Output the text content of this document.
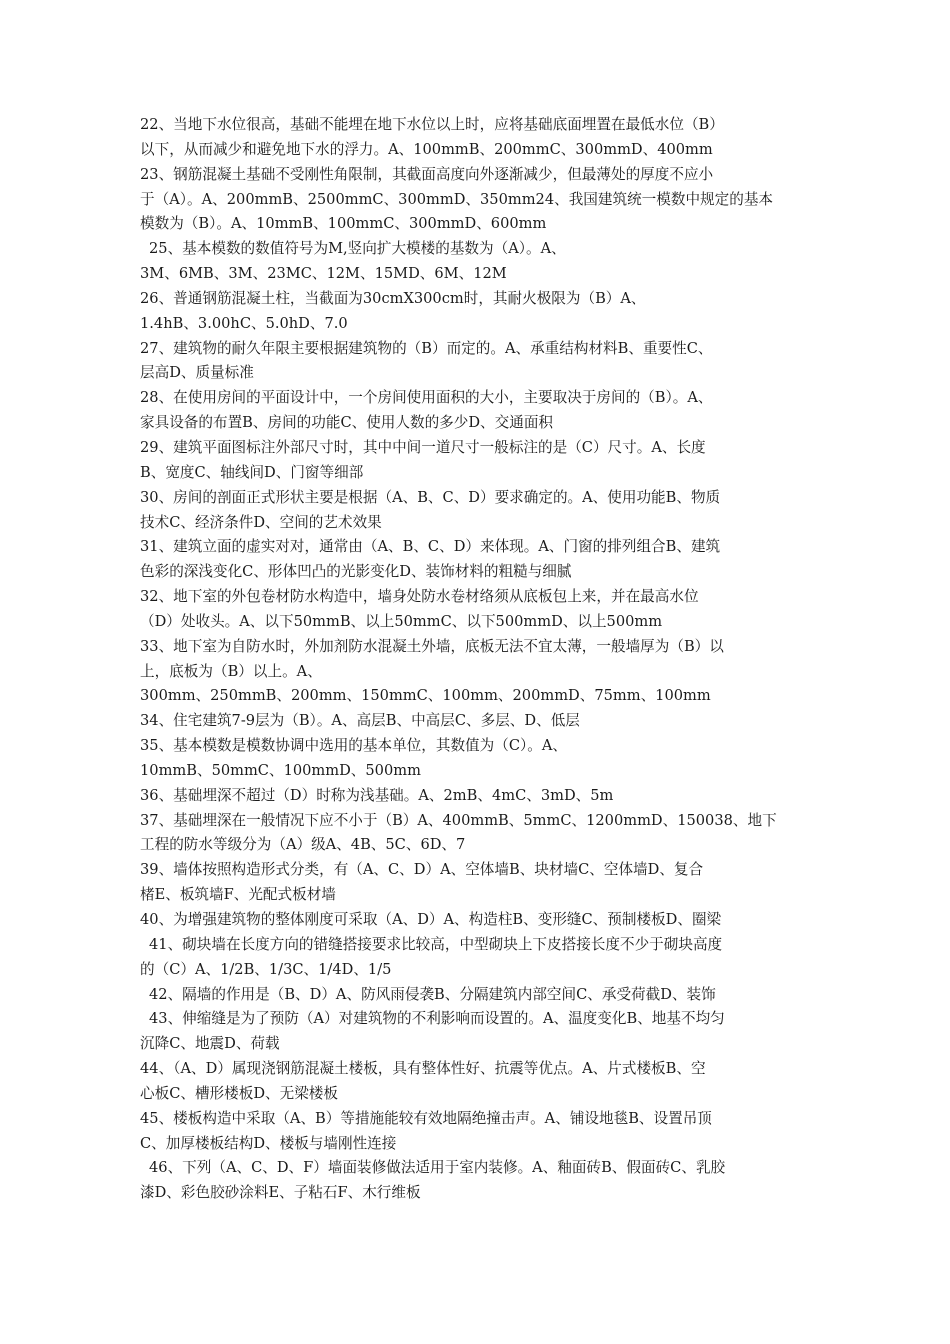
22、当地下水位很高，基础不能埋在地下水位以上时，应将基础底面埋置在最低水位（B）
以下，从而减少和避免地下水的浮力。A、100mmB、200mmC、300mmD、400mm
23、钢筋混凝土基础不受刚性角限制，其截面高度向外逐渐减少，但最薄处的厚度不应小
于（A）。A、200mmB、2500mmC、300mmD、350mm24、我国建筑统一模数中规定的基本
模数为（B）。A、10mmB、100mmC、300mmD、600mm
25、基本模数的数值符号为M,竖向扩大模楼的基数为（A）。A、
3M、6MB、3M、23MC、12M、15MD、6M、12M
26、普通钢筋混凝土柱，当截面为30cmX300cm时，其耐火极限为（B）A、
1.4hB、3.00hC、5.0hD、7.0
27、建筑物的耐久年限主要根据建筑物的（B）而定的。A、承重结构材料B、重要性C、
层高D、质量标准
28、在使用房间的平面设计中，一个房间使用面积的大小，主要取决于房间的（B）。A、
家具设备的布置B、房间的功能C、使用人数的多少D、交通面积
29、建筑平面图标注外部尺寸时，其中中间一道尺寸一般标注的是（C）尺寸。A、长度
B、宽度C、轴线间D、门窗等细部
30、房间的剖面正式形状主要是根据（A、B、C、D）要求确定的。A、使用功能B、物质
技术C、经济条件D、空间的艺术效果
31、建筑立面的虚实对对，通常由（A、B、C、D）来体现。A、门窗的排列组合B、建筑
色彩的深浅变化C、形体凹凸的光影变化D、装饰材料的粗糙与细腻
32、地下室的外包卷材防水构造中，墙身处防水卷材络须从底板包上来，并在最高水位
（D）处收头。A、以下50mmB、以上50mmC、以下500mmD、以上500mm
33、地下室为自防水时，外加剂防水混凝土外墙，底板无法不宜太薄，一般墙厚为（B）以
上，底板为（B）以上。A、
300mm、250mmB、200mm、150mmC、100mm、200mmD、75mm、100mm
34、住宅建筑7-9层为（B）。A、高层B、中高层C、多层、D、低层
35、基本模数是模数协调中选用的基本单位，其数值为（C）。A、
10mmB、50mmC、100mmD、500mm
36、基础埋深不超过（D）时称为浅基础。A、2mB、4mC、3mD、5m
37、基础埋深在一般情况下应不小于（B）A、400mmB、5mmC、1200mmD、150038、地下
工程的防水等级分为（A）级A、4B、5C、6D、7
39、墙体按照构造形式分类，有（A、C、D）A、空体墙B、块材墙C、空体墙D、复合
楮E、板筑墙F、光配式板材墙
40、为增强建筑物的整体刚度可采取（A、D）A、构造柱B、变形缝C、预制楼板D、圈梁
41、砌块墙在长度方向的错缝搭接要求比较高，中型砌块上下皮搭接长度不少于砌块高度
的（C）A、1/2B、1/3C、1/4D、1/5
42、隔墙的作用是（B、D）A、防风雨侵袭B、分隔建筑内部空间C、承受荷截D、装饰
43、伸缩缝是为了预防（A）对建筑物的不利影响而设置的。A、温度变化B、地基不均匀
沉降C、地震D、荷载
44、（A、D）属现浇钢筋混凝土楼板，具有整体性好、抗震等优点。A、片式楼板B、空
心板C、槽形楼板D、无梁楼板
45、楼板构造中采取（A、B）等措施能较有效地隔绝撞击声。A、铺设地毯B、设置吊顶
C、加厚楼板结构D、楼板与墙刚性连接
46、下列（A、C、D、F）墙面装修做法适用于室内装修。A、釉面砖B、假面砖C、乳胶
漆D、彩色胶砂涂料E、子粘石F、木行维板
